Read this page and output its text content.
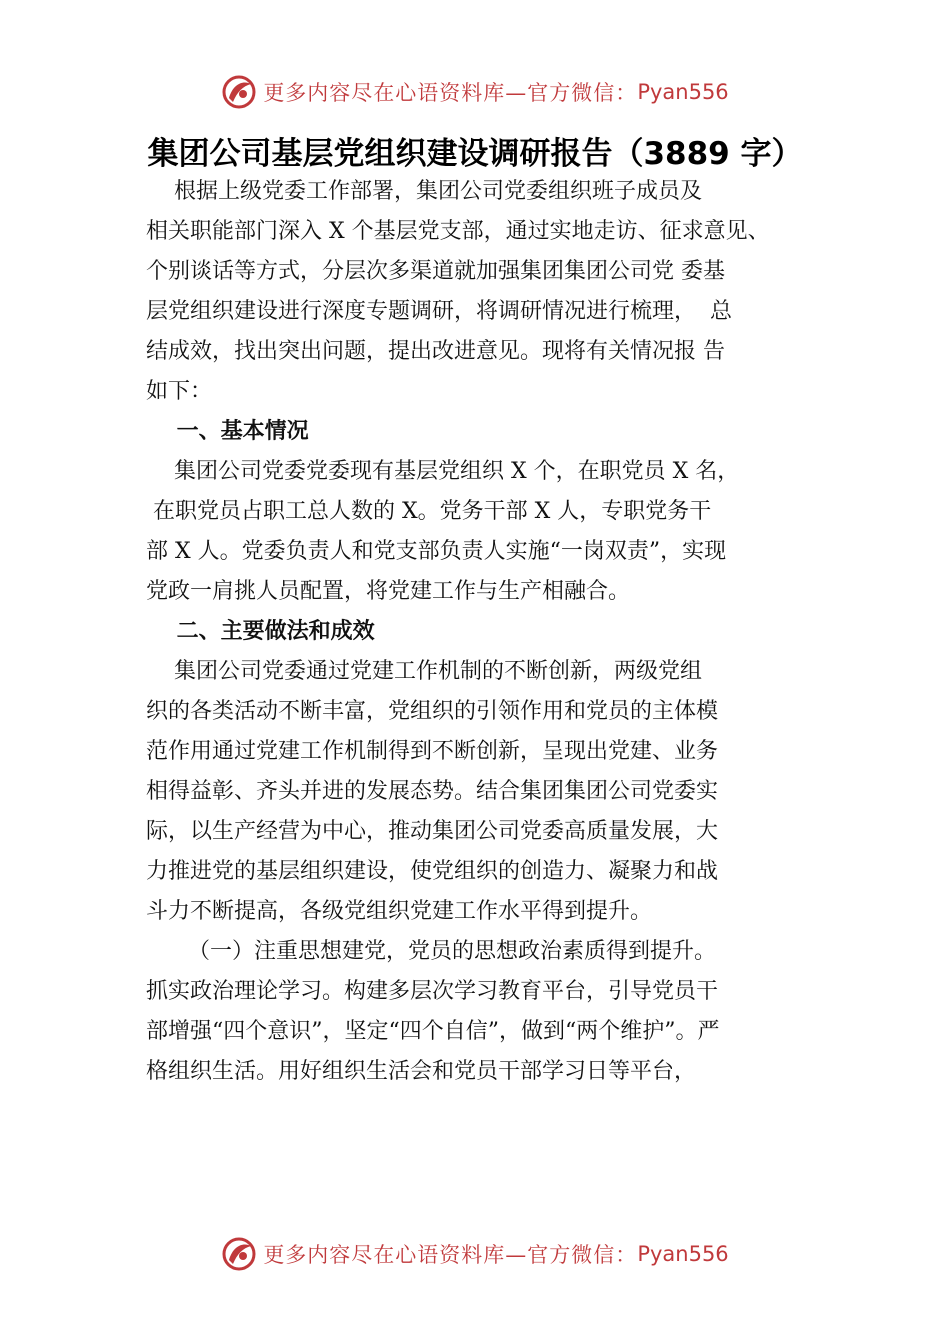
更多内容尽在心语资料库—官方微信： Pyan556
集团公司基层党组织建设调研报告（3889 字）
根据上级党委工作部署，集团公司党委组织班子成员及
相关职能部门深入 X 个基层党支部，通过实地走访、征求意见、
个别谈话等方式，分层次多渠道就加强集团集团公司党 委基
层党组织建设进行深度专题调研，将调研情况进行梳理，  总
结成效，找出突出问题，提出改进意见。现将有关情况报 告
如下：
一、基本情况
集团公司党委党委现有基层党组织 X 个，在职党员 X 名，
在职党员占职工总人数的 X。党务干部 X 人，专职党务干
部 X 人。党委负责人和党支部负责人实施“一岗双责”，实现
党政一肩挑人员配置，将党建工作与生产相融合。
二、主要做法和成效
集团公司党委通过党建工作机制的不断创新，两级党组
织的各类活动不断丰富，党组织的引领作用和党员的主体模
范作用通过党建工作机制得到不断创新，呈现出党建、业务
相得益彰、齐头并进的发展态势。结合集团集团公司党委实
际，以生产经营为中心，推动集团公司党委高质量发展，大
力推进党的基层组织建设，使党组织的创造力、凝聚力和战
斗力不断提高，各级党组织党建工作水平得到提升。
（一）注重思想建党，党员的思想政治素质得到提升。
抓实政治理论学习。构建多层次学习教育平台，引导党员干
部增强“四个意识”，坚定“四个自信”，做到“两个维护”。严
格组织生活。用好组织生活会和党员干部学习日等平台，
更多内容尽在心语资料库—官方微信： Pyan556
